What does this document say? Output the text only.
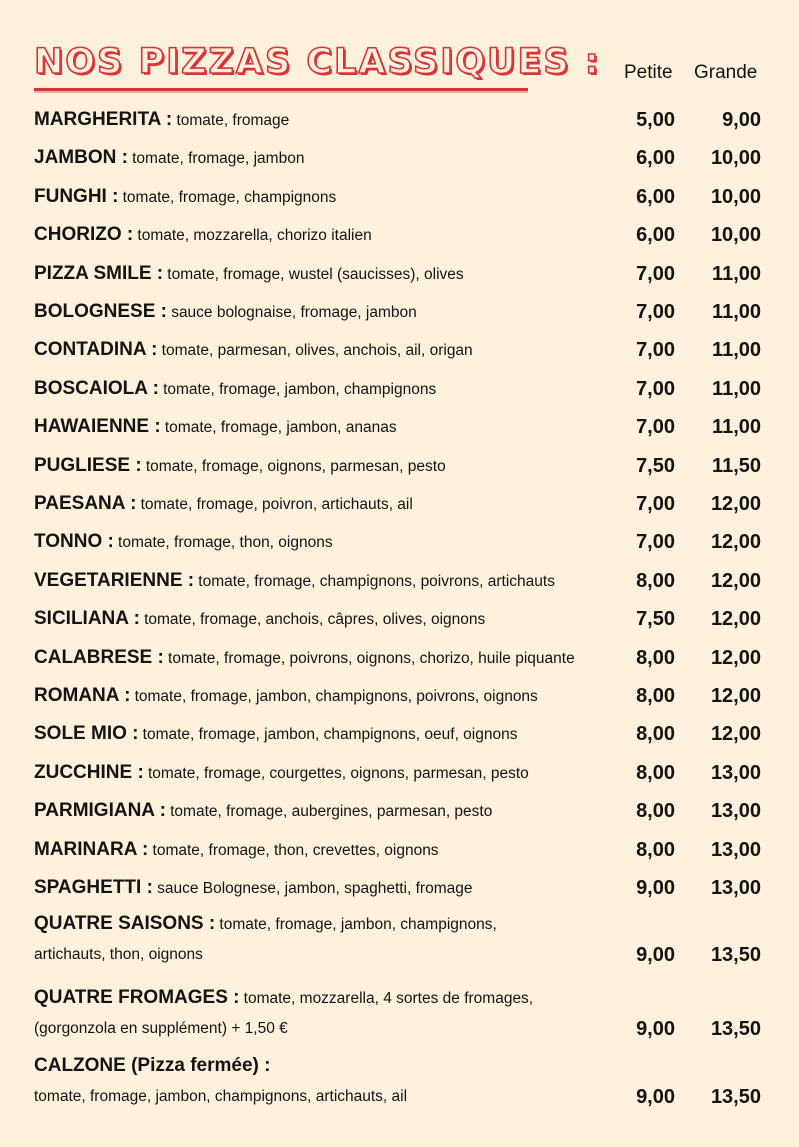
NOS PIZZAS CLASSIQUES : Petite Grande
MARGHERITA : tomate, fromage	5,00	9,00
JAMBON : tomate, fromage, jambon	6,00	10,00
FUNGHI : tomate, fromage, champignons	6,00	10,00
CHORIZO : tomate, mozzarella, chorizo italien	6,00	10,00
PIZZA SMILE : tomate, fromage, wustel (saucisses), olives	7,00	11,00
BOLOGNESE : sauce bolognaise, fromage, jambon	7,00	11,00
CONTADINA : tomate, parmesan, olives, anchois, ail, origan	7,00	11,00
BOSCAIOLA : tomate, fromage, jambon, champignons	7,00	11,00
HAWAIENNE : tomate, fromage, jambon, ananas	7,00	11,00
PUGLIESE : tomate, fromage, oignons, parmesan, pesto	7,50	11,50
PAESANA : tomate, fromage, poivron, artichauts, ail	7,00	12,00
TONNO : tomate, fromage, thon, oignons	7,00	12,00
VEGETARIENNE : tomate, fromage, champignons, poivrons, artichauts	8,00	12,00
SICILIANA : tomate, fromage, anchois, câpres, olives, oignons	7,50	12,00
CALABRESE : tomate, fromage, poivrons, oignons, chorizo, huile piquante	8,00	12,00
ROMANA : tomate, fromage, jambon, champignons, poivrons, oignons	8,00	12,00
SOLE MIO : tomate, fromage, jambon, champignons, oeuf, oignons	8,00	12,00
ZUCCHINE : tomate, fromage, courgettes, oignons, parmesan, pesto	8,00	13,00
PARMIGIANA : tomate, fromage, aubergines, parmesan, pesto	8,00	13,00
MARINARA : tomate, fromage, thon, crevettes, oignons	8,00	13,00
SPAGHETTI : sauce Bolognese, jambon, spaghetti, fromage	9,00	13,00
QUATRE SAISONS : tomate, fromage, jambon, champignons,
artichauts, thon, oignons	9,00	13,50
QUATRE FROMAGES : tomate, mozzarella, 4 sortes de fromages,
(gorgonzola en supplément) + 1,50 €	9,00	13,50
CALZONE (Pizza fermée) :
tomate, fromage, jambon, champignons, artichauts, ail	9,00	13,50
